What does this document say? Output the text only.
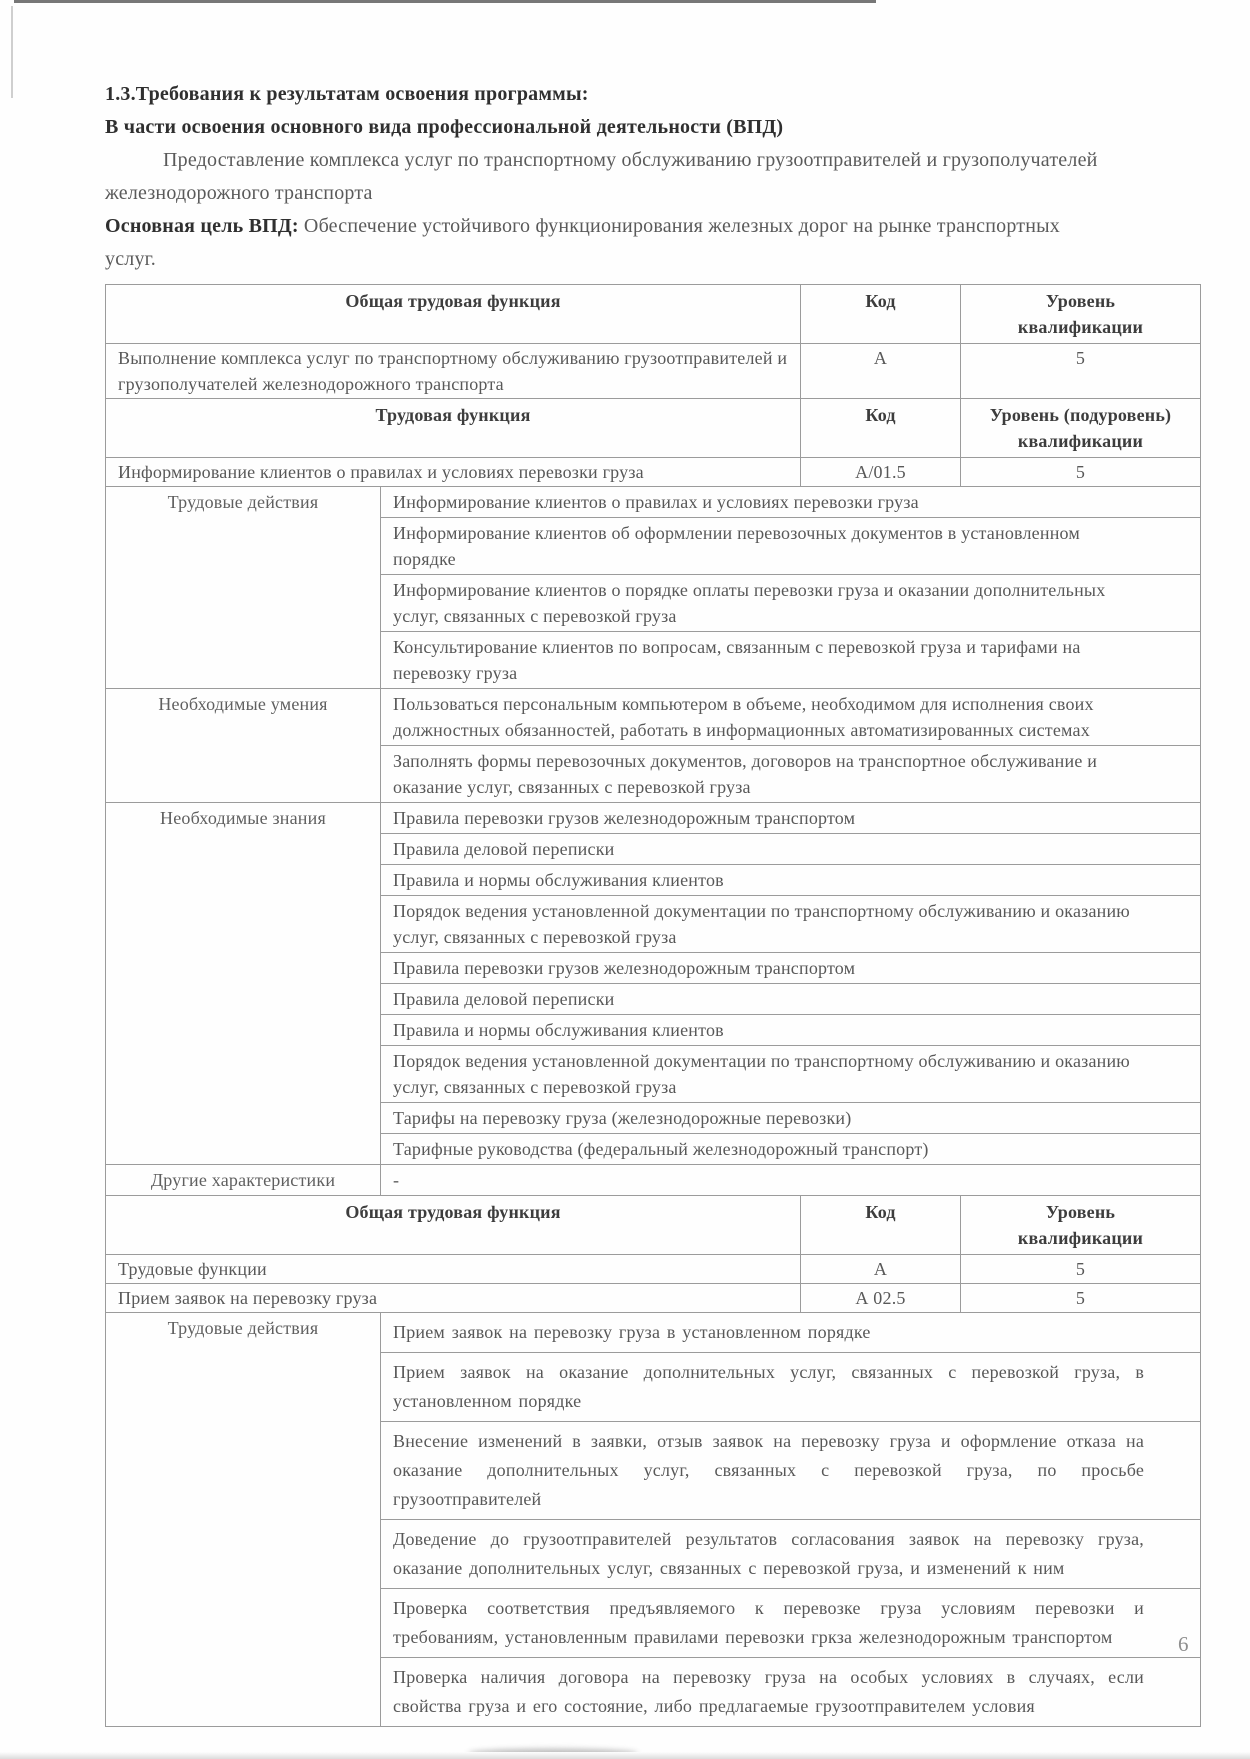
1.3.Требования к результатам освоения программы:

В части освоения основного вида профессиональной деятельности (ВПД)

Предоставление комплекса услуг по транспортному обслуживанию грузоотправителей и грузополучателей железнодорожного транспорта

Основная цель ВПД: Обеспечение устойчивого функционирования железных дорог на рынке транспортных услуг.

Общая трудовая функция		Код	Уровень квалификации
Выполнение комплекса услуг по транспортному обслуживанию грузоотправителей и грузополучателей железнодорожного транспорта		А	5
Трудовая функция		Код	Уровень (подуровень) квалификации
Информирование клиентов о правилах и условиях перевозки груза		А/01.5	5
Трудовые действия	Информирование клиентов о правилах и условиях перевозки груза		
	Информирование клиентов об оформлении перевозочных документов в установленном порядке		
	Информирование клиентов о порядке оплаты перевозки груза и оказании дополнительных услуг, связанных с перевозкой груза		
	Консультирование клиентов по вопросам, связанным с перевозкой груза и тарифами на перевозку груза		
Необходимые умения	Пользоваться персональным компьютером в объеме, необходимом для исполнения своих должностных обязанностей, работать в информационных автоматизированных системах		
	Заполнять формы перевозочных документов, договоров на транспортное обслуживание и оказание услуг, связанных с перевозкой груза		
Необходимые знания	Правила перевозки грузов железнодорожным транспортом		
	Правила деловой переписки		
	Правила и нормы обслуживания клиентов		
	Порядок ведения установленной документации по транспортному обслуживанию и оказанию услуг, связанных с перевозкой груза		
	Правила перевозки грузов железнодорожным транспортом		
	Правила деловой переписки		
	Правила и нормы обслуживания клиентов		
	Порядок ведения установленной документации по транспортному обслуживанию и оказанию услуг, связанных с перевозкой груза		
	Тарифы на перевозку груза (железнодорожные перевозки)		
	Тарифные руководства (федеральный железнодорожный транспорт)		
Другие характеристики	-		
Общая трудовая функция		Код	Уровень квалификации
Трудовые функции		А	5
Прием заявок на перевозку груза		А 02.5	5
Трудовые действия	Прием заявок на перевозку груза в установленном порядке		
	Прием заявок на оказание дополнительных услуг, связанных с перевозкой груза, в установленном порядке		
	Внесение изменений в заявки, отзыв заявок на перевозку груза и оформление отказа на оказание дополнительных услуг, связанных с перевозкой груза, по просьбе грузоотправителей		
	Доведение до грузоотправителей результатов согласования заявок на перевозку груза, оказание дополнительных услуг, связанных с перевозкой груза, и изменений к ним		
	Проверка соответствия предъявляемого к перевозке груза условиям перевозки и требованиям, установленным правилами перевозки гркза железнодорожным транспортом		
	Проверка наличия договора на перевозку груза на особых условиях в случаях, если свойства груза и его состояние, либо предлагаемые грузоотправителем условия		
6
